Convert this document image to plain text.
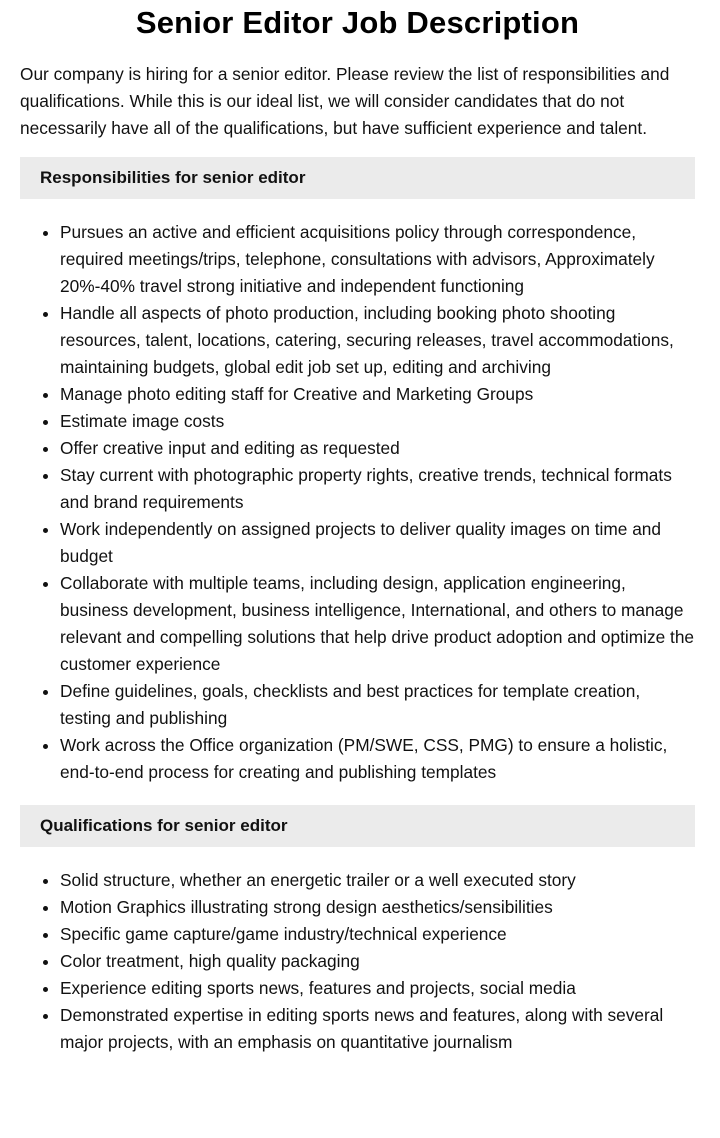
Senior Editor Job Description

Our company is hiring for a senior editor. Please review the list of responsibilities and qualifications. While this is our ideal list, we will consider candidates that do not necessarily have all of the qualifications, but have sufficient experience and talent.

Responsibilities for senior editor
• Pursues an active and efficient acquisitions policy through correspondence, required meetings/trips, telephone, consultations with advisors, Approximately 20%-40% travel strong initiative and independent functioning
• Handle all aspects of photo production, including booking photo shooting resources, talent, locations, catering, securing releases, travel accommodations, maintaining budgets, global edit job set up, editing and archiving
• Manage photo editing staff for Creative and Marketing Groups
• Estimate image costs
• Offer creative input and editing as requested
• Stay current with photographic property rights, creative trends, technical formats and brand requirements
• Work independently on assigned projects to deliver quality images on time and budget
• Collaborate with multiple teams, including design, application engineering, business development, business intelligence, International, and others to manage relevant and compelling solutions that help drive product adoption and optimize the customer experience
• Define guidelines, goals, checklists and best practices for template creation, testing and publishing
• Work across the Office organization (PM/SWE, CSS, PMG) to ensure a holistic, end-to-end process for creating and publishing templates
Qualifications for senior editor
• Solid structure, whether an energetic trailer or a well executed story
• Motion Graphics illustrating strong design aesthetics/sensibilities
• Specific game capture/game industry/technical experience
• Color treatment, high quality packaging
• Experience editing sports news, features and projects, social media
• Demonstrated expertise in editing sports news and features, along with several major projects, with an emphasis on quantitative journalism
